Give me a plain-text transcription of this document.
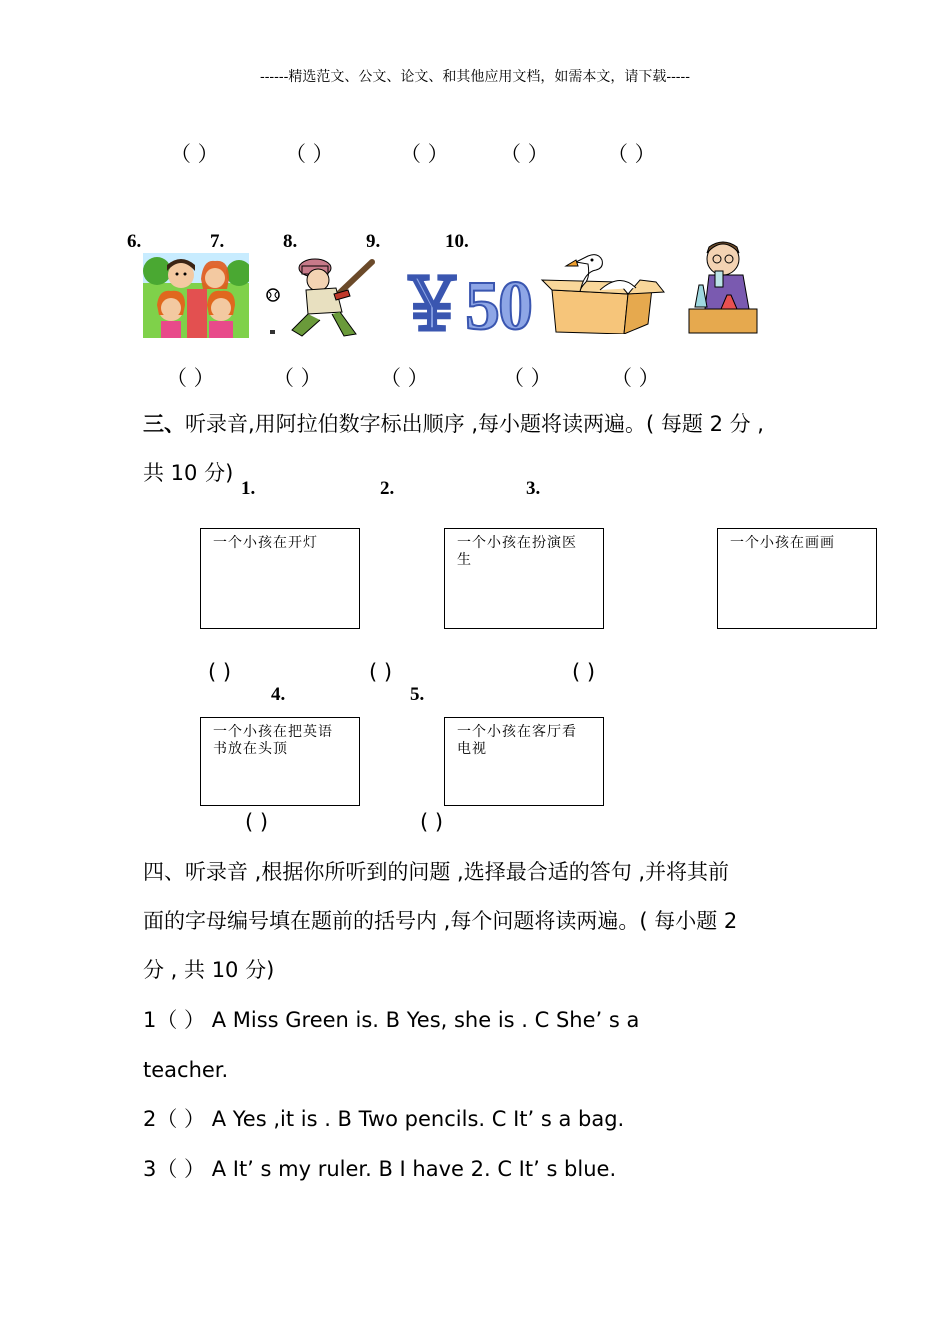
------精选范文、公文、论文、和其他应用文档，如需本文，请下载-----
（ ）	（ ）	（ ） （ ）	（ ）
6.	7.	8.	9.	10.
￥50
（ ）	（ ）	（ ）	（ ）	（ ）
三、听录音,用阿拉伯数字标出顺序 ,每小题将读两遍。( 每题 2 分 ,
共 10 分)
1.	2.	3.
一个小孩在开灯	一个小孩在扮演医生
一个小孩在画画
( )	( )	( )
4.	5.
一个小孩在把英语书放在头顶
一个小孩在客厅看电视
( )	( )
四、听录音 ,根据你所听到的问题 ,选择最合适的答句 ,并将其前
面的字母编号填在题前的括号内 ,每个问题将读两遍。( 每小题 2
分 , 共 10 分)
1（ ） A Miss Green is. B Yes, she is . C She’ s a
teacher.
2（ ） A Yes ,it is . B Two pencils. C It’ s a bag.
3（ ） A It’ s my ruler. B I have 2. C It’ s blue.
